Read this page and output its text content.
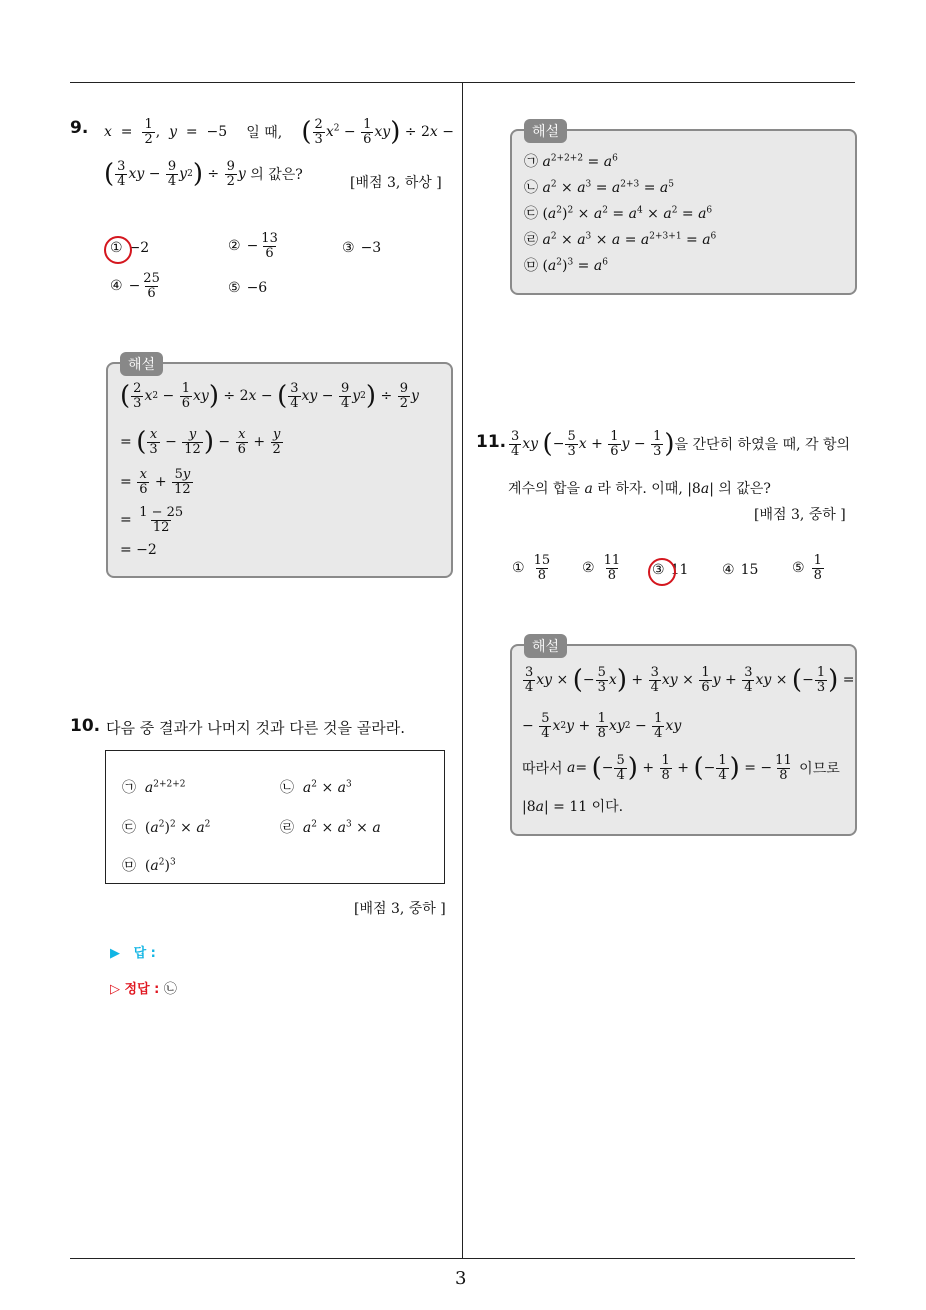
9. $x = \frac{1}{2}$ ,  y  =  −5 일 때, ( $\frac{2}{3} x^2 - \frac{1}{6} xy) \div 2x$ −
( $\frac{3}{4}$ xy − $\frac{9}{4}$ y 2 ) ÷ $\frac{9}{2}$ y
의 값은?	[배점 3, 하상 ]
① −2	② − $\frac{13}{6}$	③ −3
④ − $\frac{25}{6}$	⑤ −6
해설
( $\frac{2}{3}$ x $2 - \frac{1}{6}$ xy ) ÷ 2 x − ( $\frac{3}{4}$ xy − $\frac{9}{4}$ y 2 ) ÷ $\frac{9}{2}$ y
= ( $\frac{x}{3} - \frac{y}{12}$ ) − $\frac{x}{6} + \frac{y}{2}$
= $\frac{x}{6} + \frac{5y}{12}$
= $\frac{1 - 25}{12}$
= −2
10. 다음 중 결과가 나머지 것과 다른 것을 골라라.
㉠ $a^{2+2+2}$	㉡ $a^2 \times a^3$
㉢  $(a^2)^2 \times a^2$	㉣ $a^2 \times a^3 \times a$
㉤  $(a^2)^3$
[배점 3, 중하 ]
▶ 답 :
▷ 정답 : ㉡
해설
㉠ $a^{2+2+2} = a^6$
㉡ $a^2 \times a^3 = a^{2+3} = a^5$
㉢ $(a^2)^2 \times a^2 = a^4 \times a^2 = a^6$
㉣ $a^2 \times a^3 \times a = a^{2+3+1} = a^6$
㉤ $(a^2)^3 = a^6$
11. $\frac{3}{4}$ xy
( − $\frac{5}{3}$ $x + \frac{1}{6}$ $y - \frac{1}{3}$ ) 을 간단히 하였을 때, 각 항의
계수의 합을 a 라 하자. 이때, |8a| 의 값은?
[배점 3, 중하 ]
① $\frac{15}{8}$ ② $\frac{11}{8}$ ③ 11 ④ 15 ⑤ $\frac{1}{8}$
해설
$\frac{3}{4}$ xy × ( − $\frac{5}{3}$ x ) + $\frac{3}{4}$ xy × $\frac{1}{6}$ $y + \frac{3}{4}$ xy × ( − $\frac{1}{3}$ ) =
− $\frac{5}{4}$ x 2 $y + \frac{1}{8}$ xy $2 - \frac{1}{4}$ xy
따라서
a = ( − $\frac{5}{4}$ ) + $\frac{1}{8}$ + ( − $\frac{1}{4}$ ) = − $\frac{11}{8}$
이므로
|8a| = 11 이다.
3
